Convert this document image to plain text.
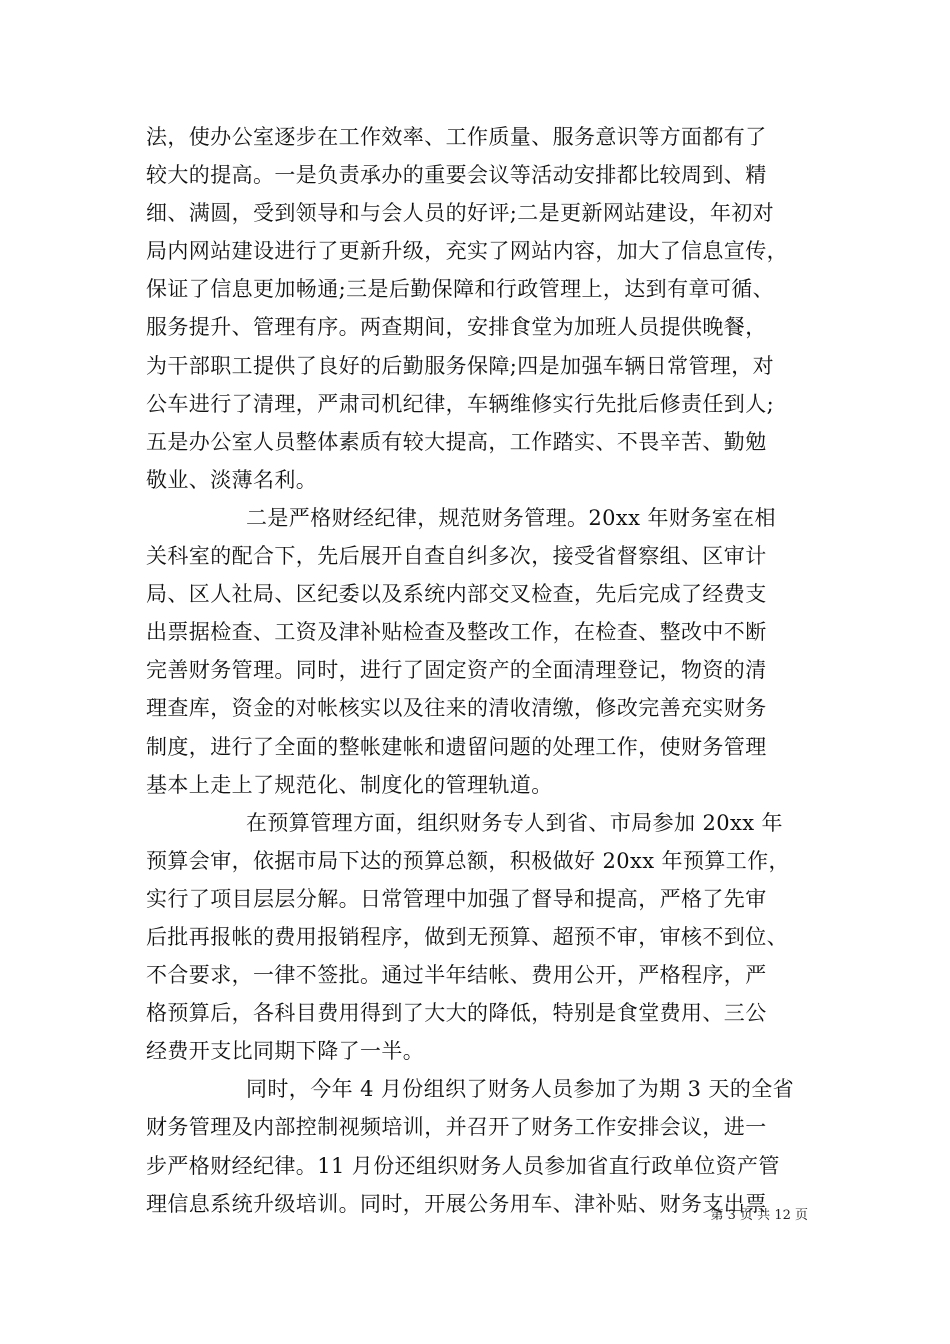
法，使办公室逐步在工作效率、工作质量、服务意识等方面都有了
较大的提高。一是负责承办的重要会议等活动安排都比较周到、精
细、满圆，受到领导和与会人员的好评;二是更新网站建设，年初对
局内网站建设进行了更新升级，充实了网站内容，加大了信息宣传，
保证了信息更加畅通;三是后勤保障和行政管理上，达到有章可循、
服务提升、管理有序。两查期间，安排食堂为加班人员提供晚餐，
为干部职工提供了良好的后勤服务保障;四是加强车辆日常管理，对
公车进行了清理，严肃司机纪律，车辆维修实行先批后修责任到人;
五是办公室人员整体素质有较大提高，工作踏实、不畏辛苦、勤勉
敬业、淡薄名利。
二是严格财经纪律，规范财务管理。20xx 年财务室在相
关科室的配合下，先后展开自查自纠多次，接受省督察组、区审计
局、区人社局、区纪委以及系统内部交叉检查，先后完成了经费支
出票据检查、工资及津补贴检查及整改工作，在检查、整改中不断
完善财务管理。同时，进行了固定资产的全面清理登记，物资的清
理查库，资金的对帐核实以及往来的清收清缴，修改完善充实财务
制度，进行了全面的整帐建帐和遗留问题的处理工作，使财务管理
基本上走上了规范化、制度化的管理轨道。
在预算管理方面，组织财务专人到省、市局参加 20xx 年
预算会审，依据市局下达的预算总额，积极做好 20xx 年预算工作，
实行了项目层层分解。日常管理中加强了督导和提高，严格了先审
后批再报帐的费用报销程序，做到无预算、超预不审，审核不到位、
不合要求，一律不签批。通过半年结帐、费用公开，严格程序，严
格预算后，各科目费用得到了大大的降低，特别是食堂费用、三公
经费开支比同期下降了一半。
同时，今年 4 月份组织了财务人员参加了为期 3 天的全省
财务管理及内部控制视频培训，并召开了财务工作安排会议，进一
步严格财经纪律。11 月份还组织财务人员参加省直行政单位资产管
理信息系统升级培训。同时，开展公务用车、津补贴、财务支出票
第 3 页 共 12 页
